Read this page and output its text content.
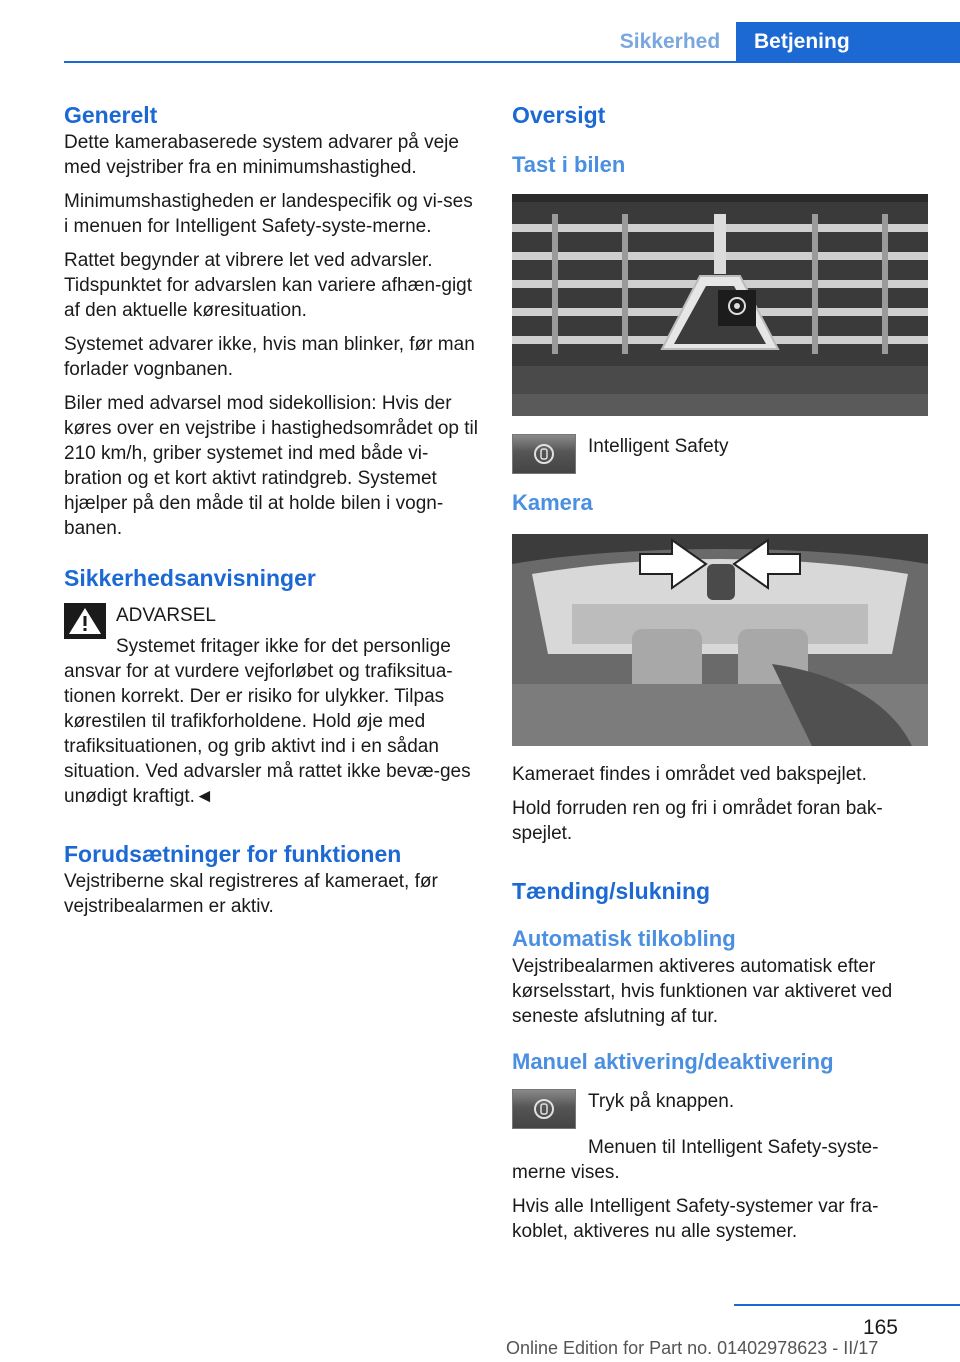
Sikkerhed	Betjening
Generelt

Dette kamerabaserede system advarer på veje med vejstriber fra en minimumshastighed.

Minimumshastigheden er landespecifik og vi‐ses i menuen for Intelligent Safety-syste‐merne.

Rattet begynder at vibrere let ved advarsler. Tidspunktet for advarslen kan variere afhæn‐gigt af den aktuelle køresituation.

Systemet advarer ikke, hvis man blinker, før man forlader vognbanen.

Biler med advarsel mod sidekollision: Hvis der køres over en vejstribe i hastighedsområdet op til 210 km/h, griber systemet ind med både vi‐bration og et kort aktivt ratindgreb. Systemet hjælper på den måde til at holde bilen i vogn‐banen.

Sikkerhedsanvisninger

ADVARSEL

Systemet fritager ikke for det personlige ansvar for at vurdere vejforløbet og trafiksitua‐tionen korrekt. Der er risiko for ulykker. Tilpas kørestilen til trafikforholdene. Hold øje med trafiksituationen, og grib aktivt ind i en sådan situation. Ved advarsler må rattet ikke bevæ‐ges unødigt kraftigt.◄

Forudsætninger for funktionen

Vejstriberne skal registreres af kameraet, før vejstribealarmen er aktiv.

Oversigt
Tast i bilen
Intelligent Safety
Kamera

Kameraet findes i området ved bakspejlet.

Hold forruden ren og fri i området foran bak‐spejlet.

Tænding/slukning
Automatisk tilkobling

Vejstribealarmen aktiveres automatisk efter kørselsstart, hvis funktionen var aktiveret ved seneste afslutning af tur.

Manuel aktivering/deaktivering
Tryk på knappen.

Menuen til Intelligent Safety-syste‐merne vises.

Hvis alle Intelligent Safety-systemer var fra‐koblet, aktiveres nu alle systemer.

165
Online Edition for Part no. 01402978623 - II/17
